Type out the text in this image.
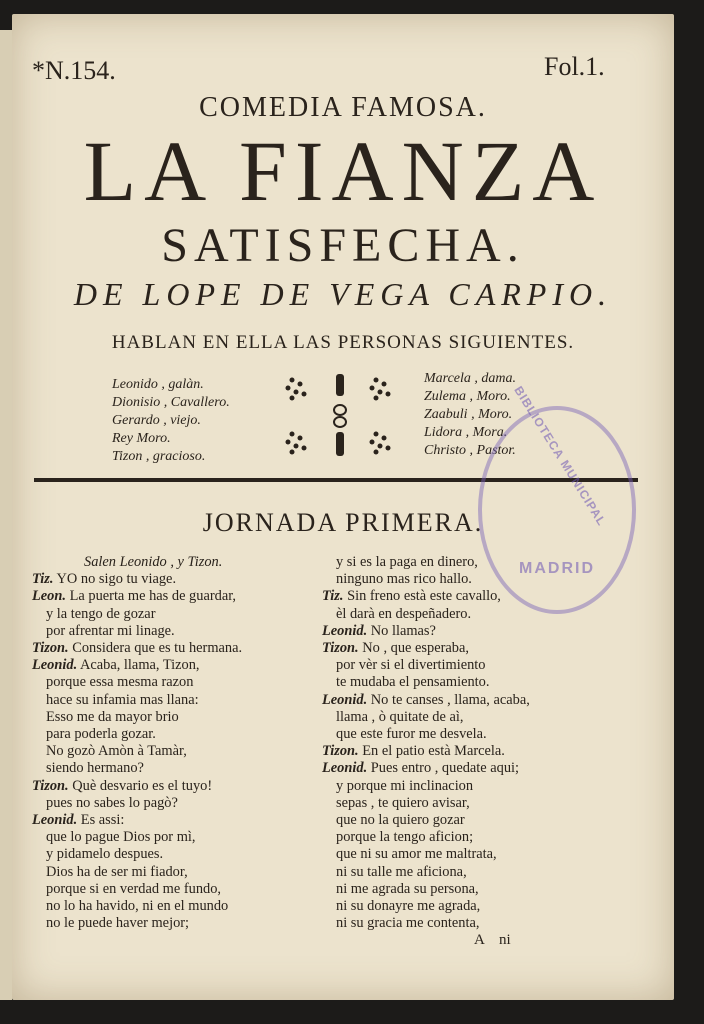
*N.154.	Fol.1.
COMEDIA FAMOSA.
LA FIANZA
SATISFECHA.
DE LOPE DE VEGA CARPIO.
HABLAN EN ELLA LAS PERSONAS SIGUIENTES.
Leonido , galàn.
Dionisio , Cavallero.
Gerardo , viejo.
Rey Moro.
Tizon , gracioso.
Marcela , dama.
Zulema , Moro.
Zaabuli , Moro.
Lidora , Mora.
Christo , Pastor.
JORNADA PRIMERA.
Salen Leonido , y Tizon.
Tiz. YO no sigo tu viage.
Leon. La puerta me has de guardar,
y la tengo de gozar
por afrentar mi linage.
Tizon. Considera que es tu hermana.
Leonid. Acaba, llama, Tizon,
porque essa mesma razon
hace su infamia mas llana:
Esso me da mayor brio
para poderla gozar.
No gozò Amòn à Tamàr,
siendo hermano?
Tizon. Què desvario es el tuyo!
pues no sabes lo pagò?
Leonid. Es assi:
que lo pague Dios por mì,
y pidamelo despues.
Dios ha de ser mi fiador,
porque si en verdad me fundo,
no lo ha havido, ni en el mundo
no le puede haver mejor;
y si es la paga en dinero,
ninguno mas rico hallo.
Tiz. Sin freno està este cavallo,
èl darà en despeñadero.
Leonid. No llamas?
Tizon. No , que esperaba,
por vèr si el divertimiento
te mudaba el pensamiento.
Leonid. No te canses , llama, acaba,
llama , ò quitate de aì,
que este furor me desvela.
Tizon. En el patio està Marcela.
Leonid. Pues entro , quedate aqui;
y porque mi inclinacion
sepas , te quiero avisar,
que no la quiero gozar
porque la tengo aficion;
que ni su amor me maltrata,
ni su talle me aficiona,
ni me agrada su persona,
ni su donayre me agrada,
ni su gracia me contenta,
A    ni
BIBLIOTECA MUNICIPAL
MADRID
